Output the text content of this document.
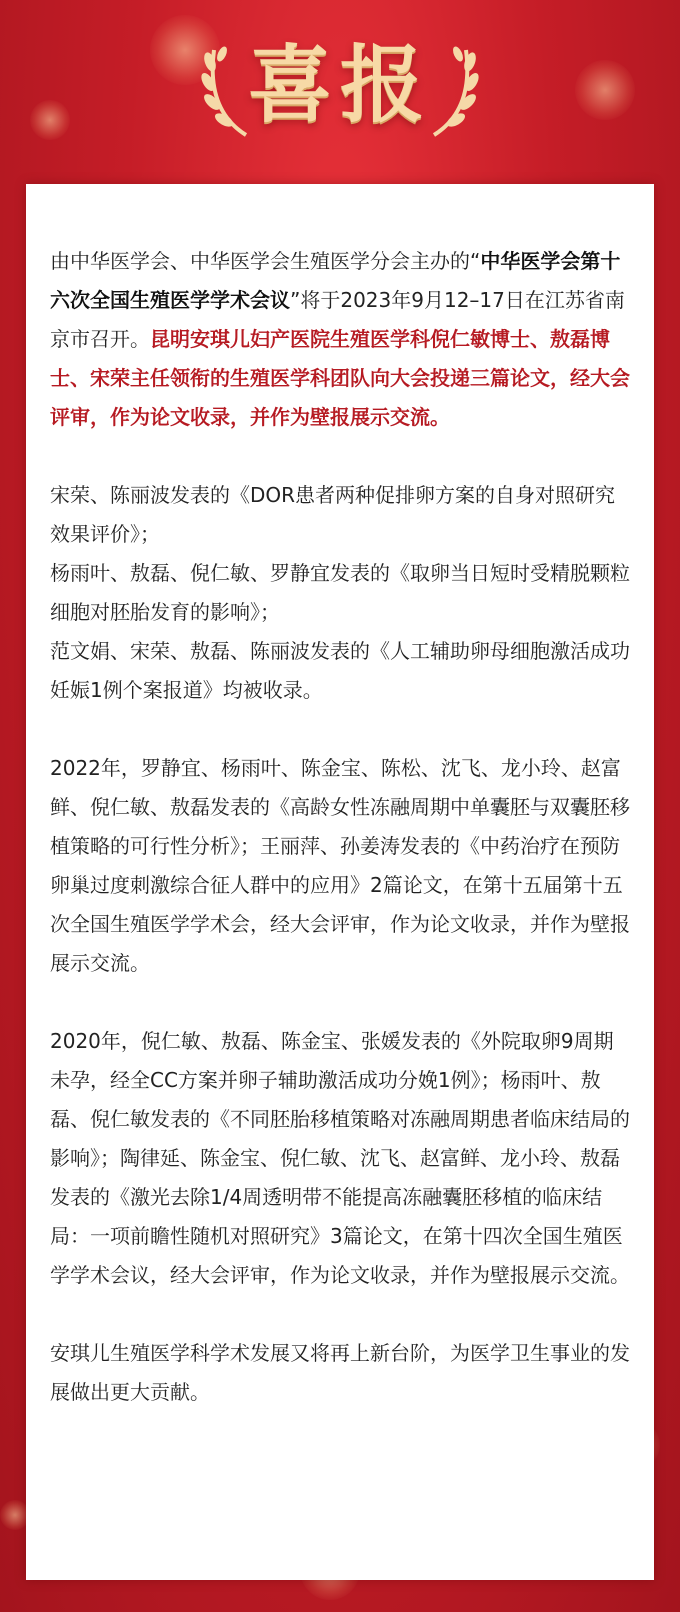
喜报

由中华医学会、中华医学会生殖医学分会主办的“中华医学会第十六次全国生殖医学学术会议”将于2023年9月12–17日在江苏省南京市召开。昆明安琪儿妇产医院生殖医学科倪仁敏博士、敖磊博士、宋荣主任领衔的生殖医学科团队向大会投递三篇论文，经大会评审，作为论文收录，并作为壁报展示交流。

宋荣、陈丽波发表的《DOR患者两种促排卵方案的自身对照研究效果评价》；

杨雨叶、敖磊、倪仁敏、罗静宜发表的《取卵当日短时受精脱颗粒细胞对胚胎发育的影响》；

范文娟、宋荣、敖磊、陈丽波发表的《人工辅助卵母细胞激活成功妊娠1例个案报道》均被收录。

2022年，罗静宜、杨雨叶、陈金宝、陈松、沈飞、龙小玲、赵富鲜、倪仁敏、敖磊发表的《高龄女性冻融周期中单囊胚与双囊胚移植策略的可行性分析》；王丽萍、孙姜涛发表的《中药治疗在预防卵巢过度刺激综合征人群中的应用》2篇论文，在第十五届第十五次全国生殖医学学术会，经大会评审，作为论文收录，并作为壁报展示交流。

2020年，倪仁敏、敖磊、陈金宝、张媛发表的《外院取卵9周期未孕，经全CC方案并卵子辅助激活成功分娩1例》；杨雨叶、敖磊、倪仁敏发表的《不同胚胎移植策略对冻融周期患者临床结局的影响》；陶律延、陈金宝、倪仁敏、沈飞、赵富鲜、龙小玲、敖磊发表的《激光去除1/4周透明带不能提高冻融囊胚移植的临床结局：一项前瞻性随机对照研究》3篇论文，在第十四次全国生殖医学学术会议，经大会评审，作为论文收录，并作为壁报展示交流。

安琪儿生殖医学科学术发展又将再上新台阶，为医学卫生事业的发展做出更大贡献。
